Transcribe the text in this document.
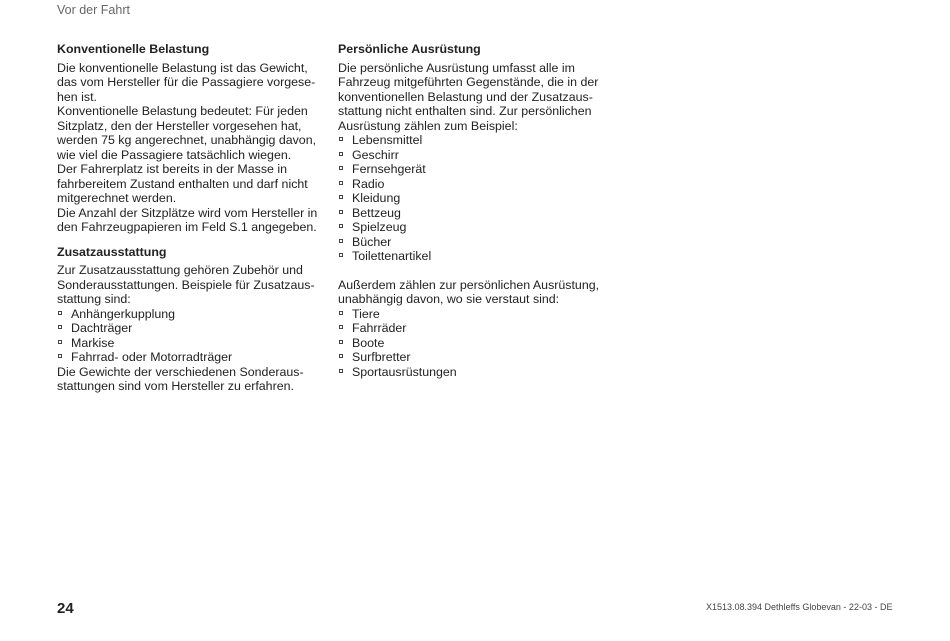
Vor der Fahrt
Konventionelle Belastung
Die konventionelle Belastung ist das Gewicht,
das vom Hersteller für die Passagiere vorgese-
hen ist.
Konventionelle Belastung bedeutet: Für jeden
Sitzplatz, den der Hersteller vorgesehen hat,
werden 75 kg angerechnet, unabhängig davon,
wie viel die Passagiere tatsächlich wiegen.
Der Fahrerplatz ist bereits in der Masse in
fahrbereitem Zustand enthalten und darf nicht
mitgerechnet werden.
Die Anzahl der Sitzplätze wird vom Hersteller in
den Fahrzeugpapieren im Feld S.1 angegeben.
Zusatzausstattung
Zur Zusatzausstattung gehören Zubehör und
Sonderausstattungen. Beispiele für Zusatzaus-
stattung sind:
Anhängerkupplung
Dachträger
Markise
Fahrrad- oder Motorradträger
Die Gewichte der verschiedenen Sonderaus-
stattungen sind vom Hersteller zu erfahren.
Persönliche Ausrüstung
Die persönliche Ausrüstung umfasst alle im
Fahrzeug mitgeführten Gegenstände, die in der
konventionellen Belastung und der Zusatzaus-
stattung nicht enthalten sind. Zur persönlichen
Ausrüstung zählen zum Beispiel:
Lebensmittel
Geschirr
Fernsehgerät
Radio
Kleidung
Bettzeug
Spielzeug
Bücher
Toilettenartikel
Außerdem zählen zur persönlichen Ausrüstung,
unabhängig davon, wo sie verstaut sind:
Tiere
Fahrräder
Boote
Surfbretter
Sportausrüstungen
24	X1513.08.394 Dethleffs Globevan - 22-03 - DE
